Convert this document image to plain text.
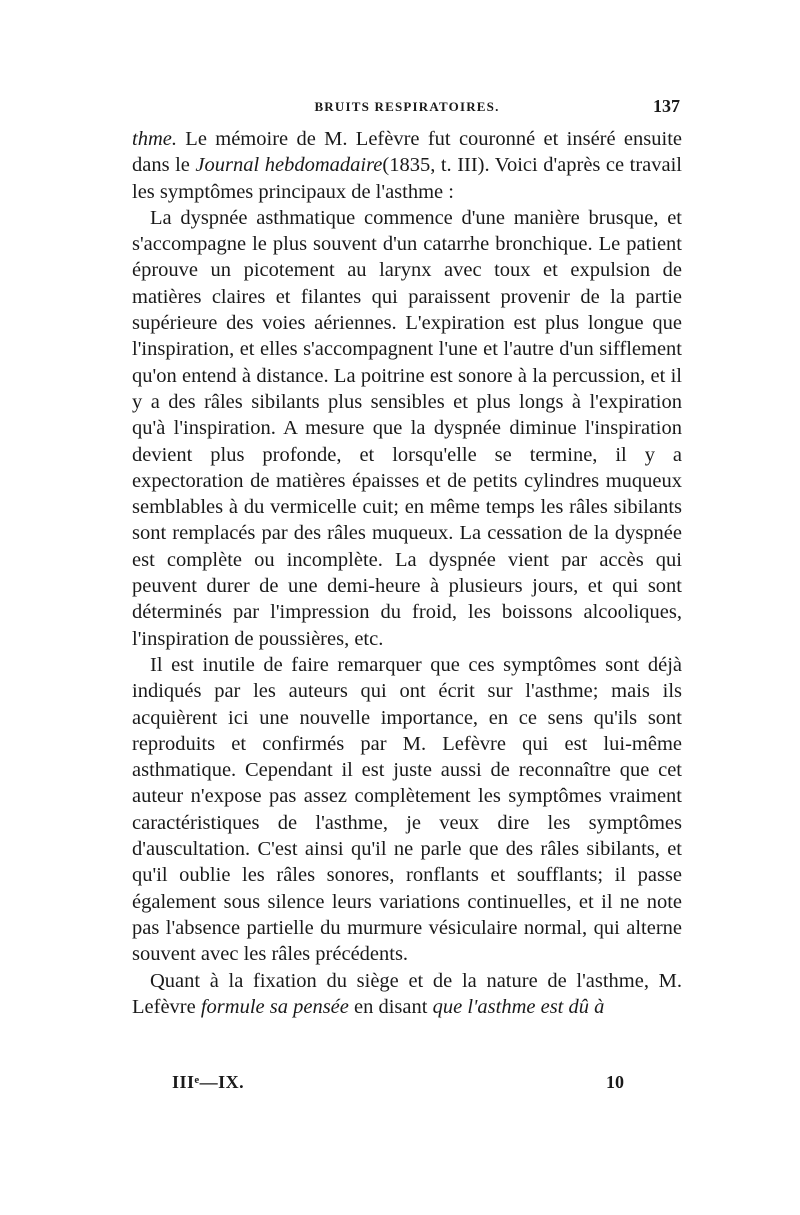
BRUITS RESPIRATOIRES.	137

thme. Le mémoire de M. Lefèvre fut couronné et inséré ensuite dans le Journal hebdomadaire(1835, t. III). Voici d'après ce travail les symptômes principaux de l'asthme :

La dyspnée asthmatique commence d'une manière brusque, et s'accompagne le plus souvent d'un catarrhe bronchique. Le patient éprouve un picotement au larynx avec toux et expulsion de matières claires et filantes qui paraissent provenir de la partie supérieure des voies aériennes. L'expiration est plus longue que l'inspiration, et elles s'accompagnent l'une et l'autre d'un sifflement qu'on entend à distance. La poitrine est sonore à la percussion, et il y a des râles sibilants plus sensibles et plus longs à l'expiration qu'à l'inspiration. A mesure que la dyspnée diminue l'inspiration devient plus profonde, et lorsqu'elle se termine, il y a expectoration de matières épaisses et de petits cylindres muqueux semblables à du vermicelle cuit; en même temps les râles sibilants sont remplacés par des râles muqueux. La cessation de la dyspnée est complète ou incomplète. La dyspnée vient par accès qui peuvent durer de une demi-heure à plusieurs jours, et qui sont déterminés par l'impression du froid, les boissons alcooliques, l'inspiration de poussières, etc.

Il est inutile de faire remarquer que ces symptômes sont déjà indiqués par les auteurs qui ont écrit sur l'asthme; mais ils acquièrent ici une nouvelle importance, en ce sens qu'ils sont reproduits et confirmés par M. Lefèvre qui est lui-même asthmatique. Cependant il est juste aussi de reconnaître que cet auteur n'expose pas assez complètement les symptômes vraiment caractéristiques de l'asthme, je veux dire les symptômes d'auscultation. C'est ainsi qu'il ne parle que des râles sibilants, et qu'il oublie les râles sonores, ronflants et soufflants; il passe également sous silence leurs variations continuelles, et il ne note pas l'absence partielle du murmure vésiculaire normal, qui alterne souvent avec les râles précédents.

Quant à la fixation du siège et de la nature de l'asthme, M. Lefèvre formule sa pensée en disant que l'asthme est dû à

IIIᵉ—IX.	10
